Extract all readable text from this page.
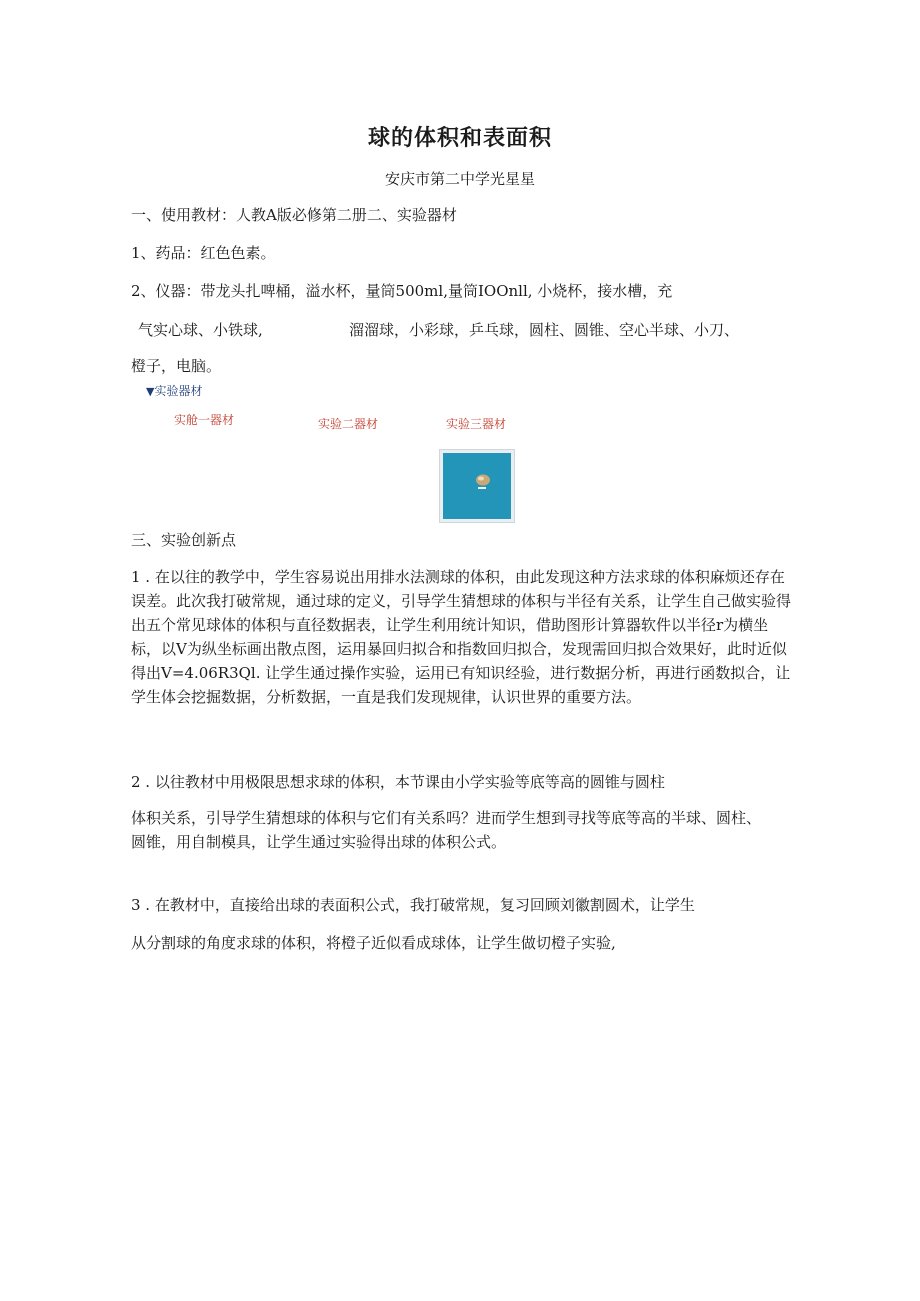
球的体积和表面积

安庆市第二中学光星星

一、使用教材：人教A版必修第二册二、实验器材

1、药品：红色色素。

2、仪器：带龙头扎啤桶，溢水杯，量筒500ml,量筒IOOnll, 小烧杯，接水槽，充

气实心球、小铁球,	溜溜球，小彩球，乒乓球，圆柱、圆锥、空心半球、小刀、

橙子，电脑。

▼实验器材
实舱一器材	实验二器材	实验三器材

三、实验创新点

1 . 在以往的教学中，学生容易说出用排水法测球的体积，由此发现这种方法求球的体积麻烦还存在误差。此次我打破常规，通过球的定义，引导学生猜想球的体积与半径有关系，让学生自己做实验得出五个常见球体的体积与直径数据表，让学生利用统计知识，借助图形计算器软件以半径r为横坐标，以V为纵坐标画出散点图，运用暴回归拟合和指数回归拟合，发现需回归拟合效果好，此时近似得出V=4.06R3Ql. 让学生通过操作实验，运用已有知识经验，进行数据分析，再进行函数拟合，让学生体会挖掘数据，分析数据，一直是我们发现规律，认识世界的重要方法。

2 . 以往教材中用极限思想求球的体积，本节课由小学实验等底等高的圆锥与圆柱

体积关系，引导学生猜想球的体积与它们有关系吗？进而学生想到寻找等底等高的半球、圆柱、圆锥，用自制模具，让学生通过实验得出球的体积公式。

3 . 在教材中，直接给出球的表面积公式，我打破常规，复习回顾刘徽割圆术，让学生

从分割球的角度求球的体积，将橙子近似看成球体，让学生做切橙子实验,
